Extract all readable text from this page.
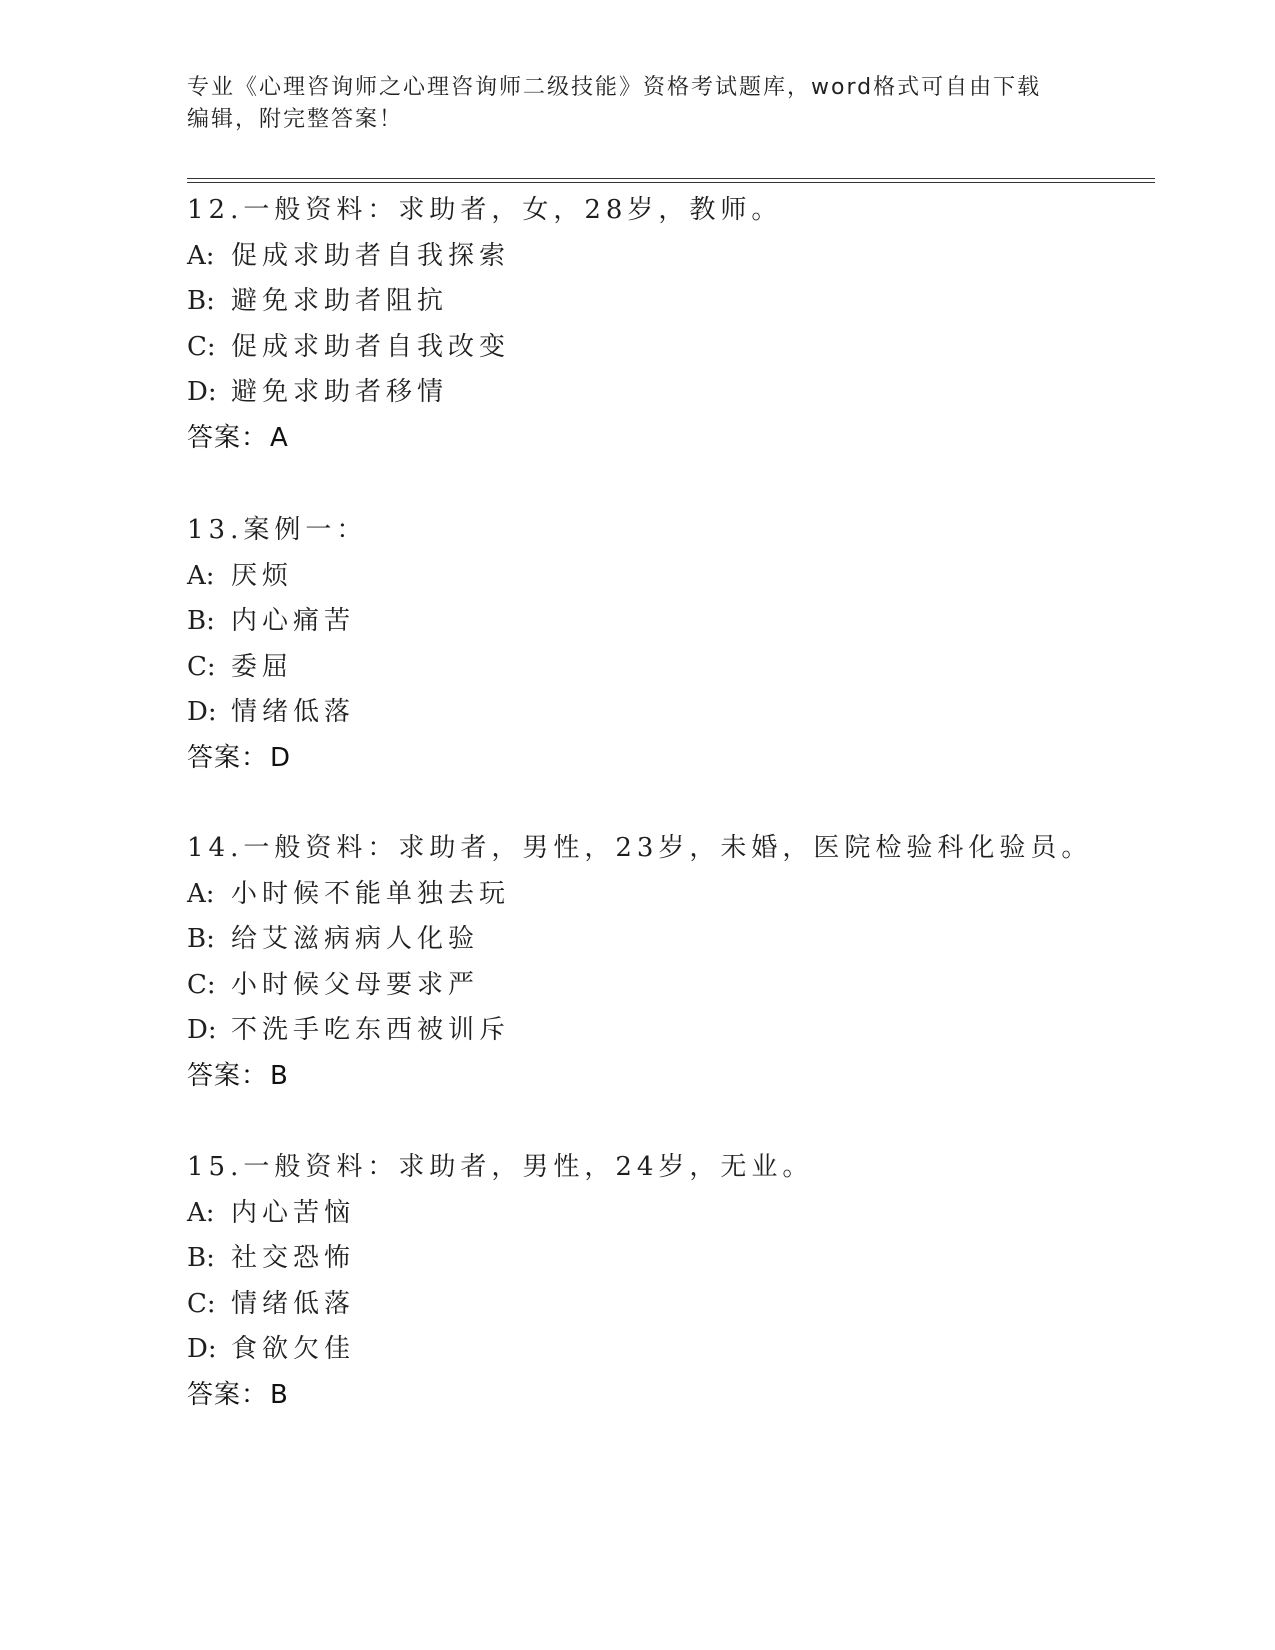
专业《心理咨询师之心理咨询师二级技能》资格考试题库，word格式可自由下载
编辑，附完整答案！
12.一般资料：求助者，女，28岁，教师。
A: 促成求助者自我探索
B: 避免求助者阻抗
C: 促成求助者自我改变
D: 避免求助者移情
答案：A
13.案例一：
A: 厌烦
B: 内心痛苦
C: 委屈
D: 情绪低落
答案：D
14.一般资料：求助者，男性，23岁，未婚，医院检验科化验员。
A: 小时候不能单独去玩
B: 给艾滋病病人化验
C: 小时候父母要求严
D: 不洗手吃东西被训斥
答案：B
15.一般资料：求助者，男性，24岁，无业。
A: 内心苦恼
B: 社交恐怖
C: 情绪低落
D: 食欲欠佳
答案：B
